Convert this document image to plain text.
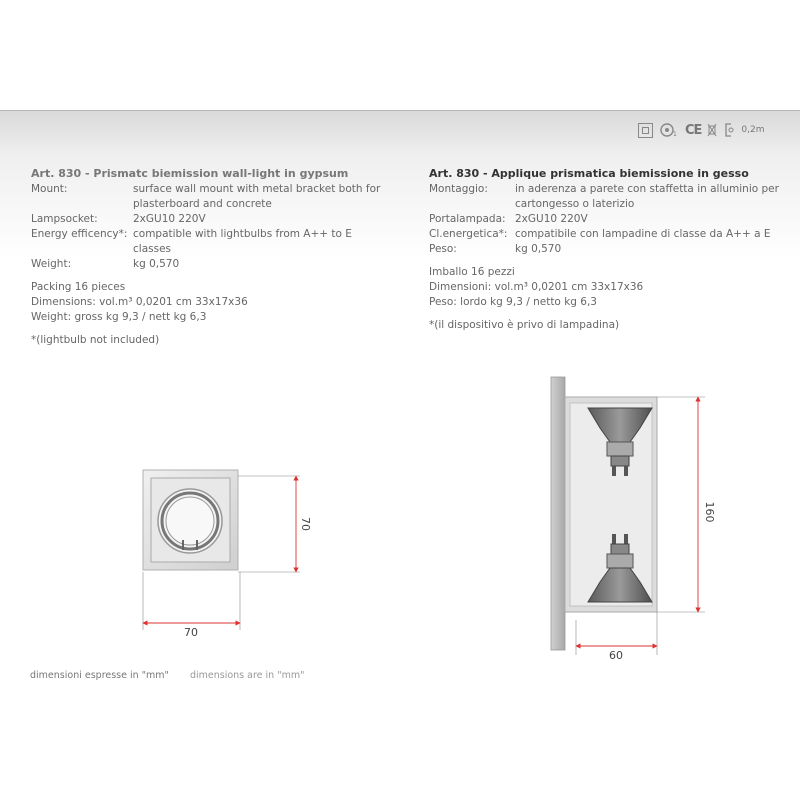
1 CE	0,2m
Art. 830 - Prismatc biemission wall-light in gypsum
Mount:	surface wall mount with metal bracket both for plasterboard and concrete
Lampsocket:	2xGU10 220V
Energy efficency*: compatible with lightbulbs from A++ to E classes
Weight:	kg 0,570
Packing 16 pieces
Dimensions: vol.m³ 0,0201 cm 33x17x36
Weight: gross kg 9,3 / nett kg 6,3
*(lightbulb not included)
Art. 830 - Applique prismatica biemissione in gesso
Montaggio:	in aderenza a parete con staffetta in alluminio per cartongesso o laterizio
Portalampada: 2xGU10 220V
Cl.energetica*: compatibile con lampadine di classe da A++ a E
Peso:	kg 0,570
Imballo 16 pezzi
Dimensioni: vol.m³ 0,0201 cm 33x17x36
Peso: lordo kg 9,3 / netto kg 6,3
*(il dispositivo è privo di lampadina)
70
70
160
60
dimensioni espresse in "mm" dimensions are in "mm"
